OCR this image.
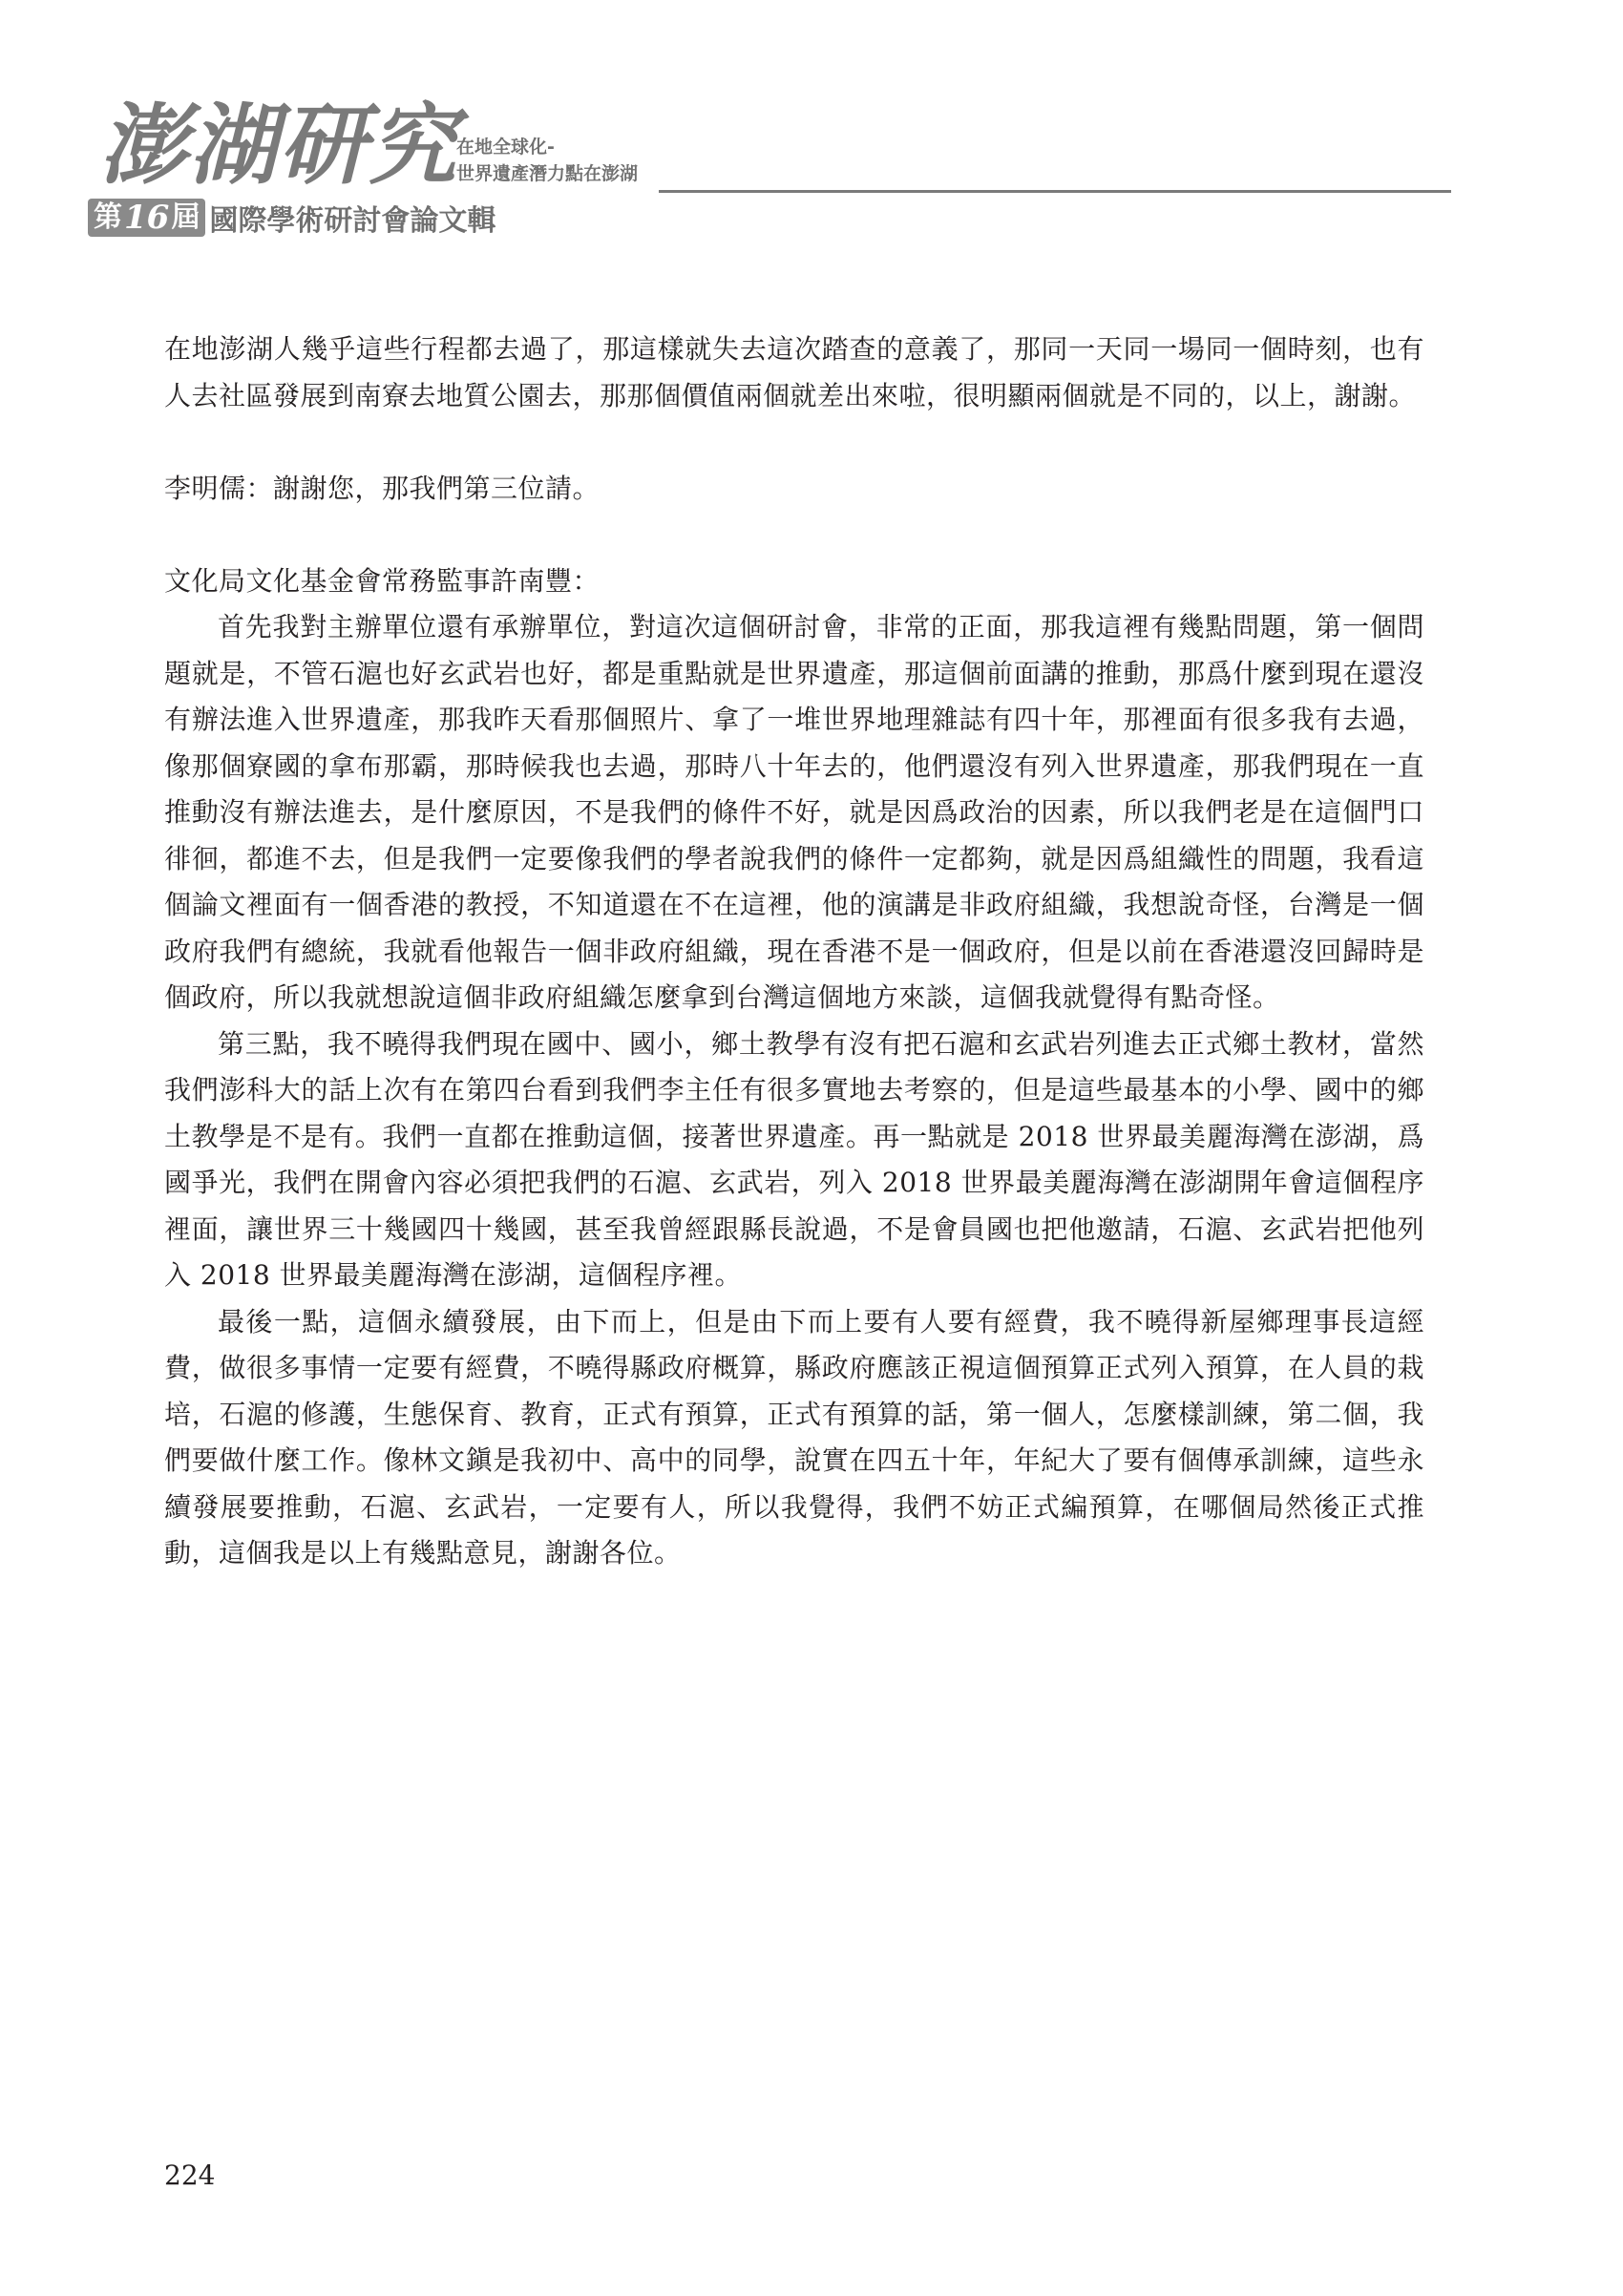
澎湖研究
第 16 屆 國際學術研討會論文輯
在地全球化-
世界遺產潛力點在澎湖

在地澎湖人幾乎這些行程都去過了，那這樣就失去這次踏查的意義了，那同一天同一場同一個時刻，也有人去社區發展到南寮去地質公園去，那那個價值兩個就差出來啦，很明顯兩個就是不同的，以上，謝謝。

李明儒：謝謝您，那我們第三位請。

文化局文化基金會常務監事許南豐：

首先我對主辦單位還有承辦單位，對這次這個研討會，非常的正面，那我這裡有幾點問題，第一個問題就是，不管石滬也好玄武岩也好，都是重點就是世界遺產，那這個前面講的推動，那爲什麼到現在還沒有辦法進入世界遺產，那我昨天看那個照片、拿了一堆世界地理雜誌有四十年，那裡面有很多我有去過，像那個寮國的拿布那霸，那時候我也去過，那時八十年去的，他們還沒有列入世界遺產，那我們現在一直推動沒有辦法進去，是什麼原因，不是我們的條件不好，就是因爲政治的因素，所以我們老是在這個門口徘徊，都進不去，但是我們一定要像我們的學者說我們的條件一定都夠，就是因爲組織性的問題，我看這個論文裡面有一個香港的教授，不知道還在不在這裡，他的演講是非政府組織，我想說奇怪，台灣是一個政府我們有總統，我就看他報告一個非政府組織，現在香港不是一個政府，但是以前在香港還沒回歸時是個政府，所以我就想說這個非政府組織怎麼拿到台灣這個地方來談，這個我就覺得有點奇怪。

第三點，我不曉得我們現在國中、國小，鄉土教學有沒有把石滬和玄武岩列進去正式鄉土教材，當然我們澎科大的話上次有在第四台看到我們李主任有很多實地去考察的，但是這些最基本的小學、國中的鄉土教學是不是有。我們一直都在推動這個，接著世界遺產。再一點就是 2018 世界最美麗海灣在澎湖，爲國爭光，我們在開會內容必須把我們的石滬、玄武岩，列入 2018 世界最美麗海灣在澎湖開年會這個程序裡面，讓世界三十幾國四十幾國，甚至我曾經跟縣長說過，不是會員國也把他邀請，石滬、玄武岩把他列入 2018 世界最美麗海灣在澎湖，這個程序裡。

最後一點，這個永續發展，由下而上，但是由下而上要有人要有經費，我不曉得新屋鄉理事長這經費，做很多事情一定要有經費，不曉得縣政府概算，縣政府應該正視這個預算正式列入預算，在人員的栽培，石滬的修護，生態保育、教育，正式有預算，正式有預算的話，第一個人，怎麼樣訓練，第二個，我們要做什麼工作。像林文鎭是我初中、高中的同學，說實在四五十年，年紀大了要有個傳承訓練，這些永續發展要推動，石滬、玄武岩，一定要有人，所以我覺得，我們不妨正式編預算，在哪個局然後正式推動，這個我是以上有幾點意見，謝謝各位。

224
